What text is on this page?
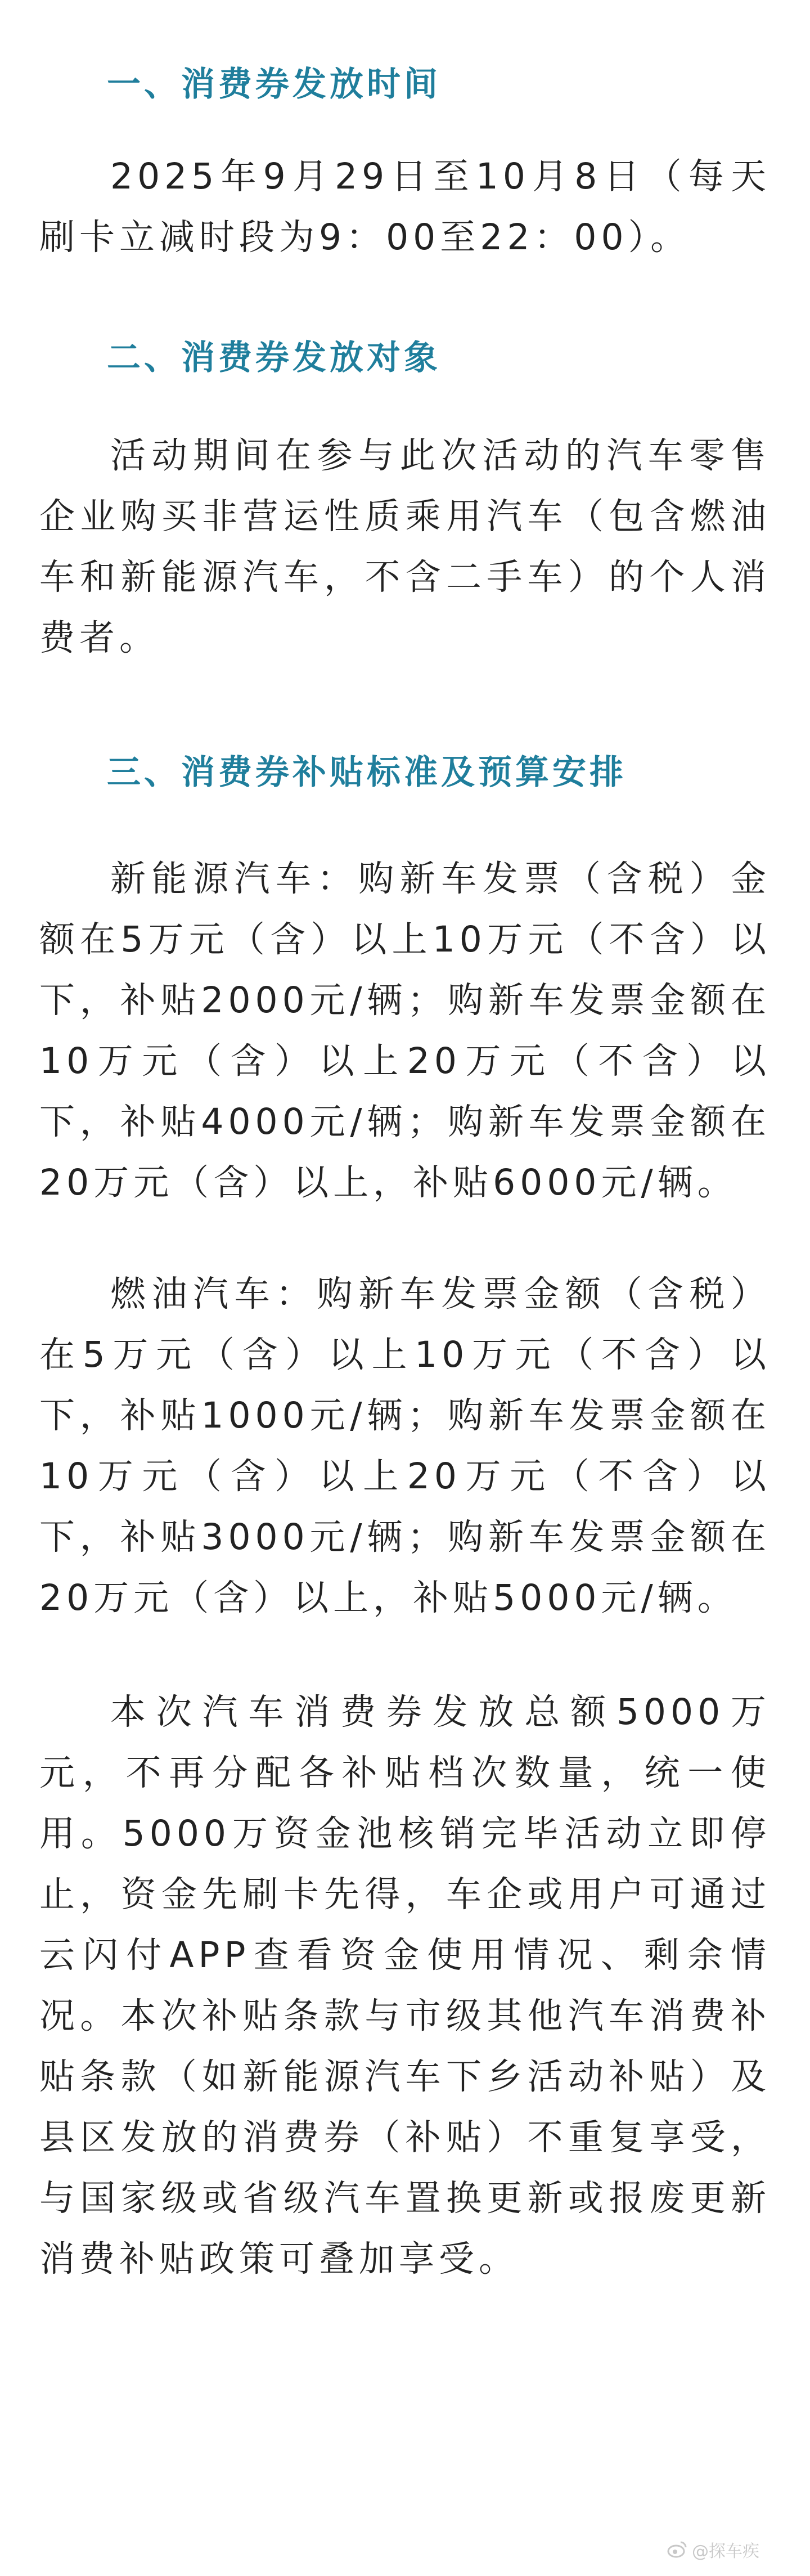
一、消费券发放时间

2025年9月29日至10月8日（每天刷卡立减时段为9：00至22：00）。

二、消费券发放对象

活动期间在参与此次活动的汽车零售企业购买非营运性质乘用汽车（包含燃油车和新能源汽车，不含二手车）的个人消费者。

三、消费券补贴标准及预算安排

新能源汽车：购新车发票（含税）金额在5万元（含）以上10万元（不含）以下，补贴2000元/辆；购新车发票金额在10万元（含）以上20万元（不含）以下，补贴4000元/辆；购新车发票金额在20万元（含）以上，补贴6000元/辆。

燃油汽车：购新车发票金额（含税）在5万元（含）以上10万元（不含）以下，补贴1000元/辆；购新车发票金额在10万元（含）以上20万元（不含）以下，补贴3000元/辆；购新车发票金额在20万元（含）以上，补贴5000元/辆。

本次汽车消费券发放总额5000万元，不再分配各补贴档次数量，统一使用。5000万资金池核销完毕活动立即停止，资金先刷卡先得，车企或用户可通过云闪付APP查看资金使用情况、剩余情况。本次补贴条款与市级其他汽车消费补贴条款（如新能源汽车下乡活动补贴）及县区发放的消费券（补贴）不重复享受，与国家级或省级汽车置换更新或报废更新消费补贴政策可叠加享受。

@探车疾
